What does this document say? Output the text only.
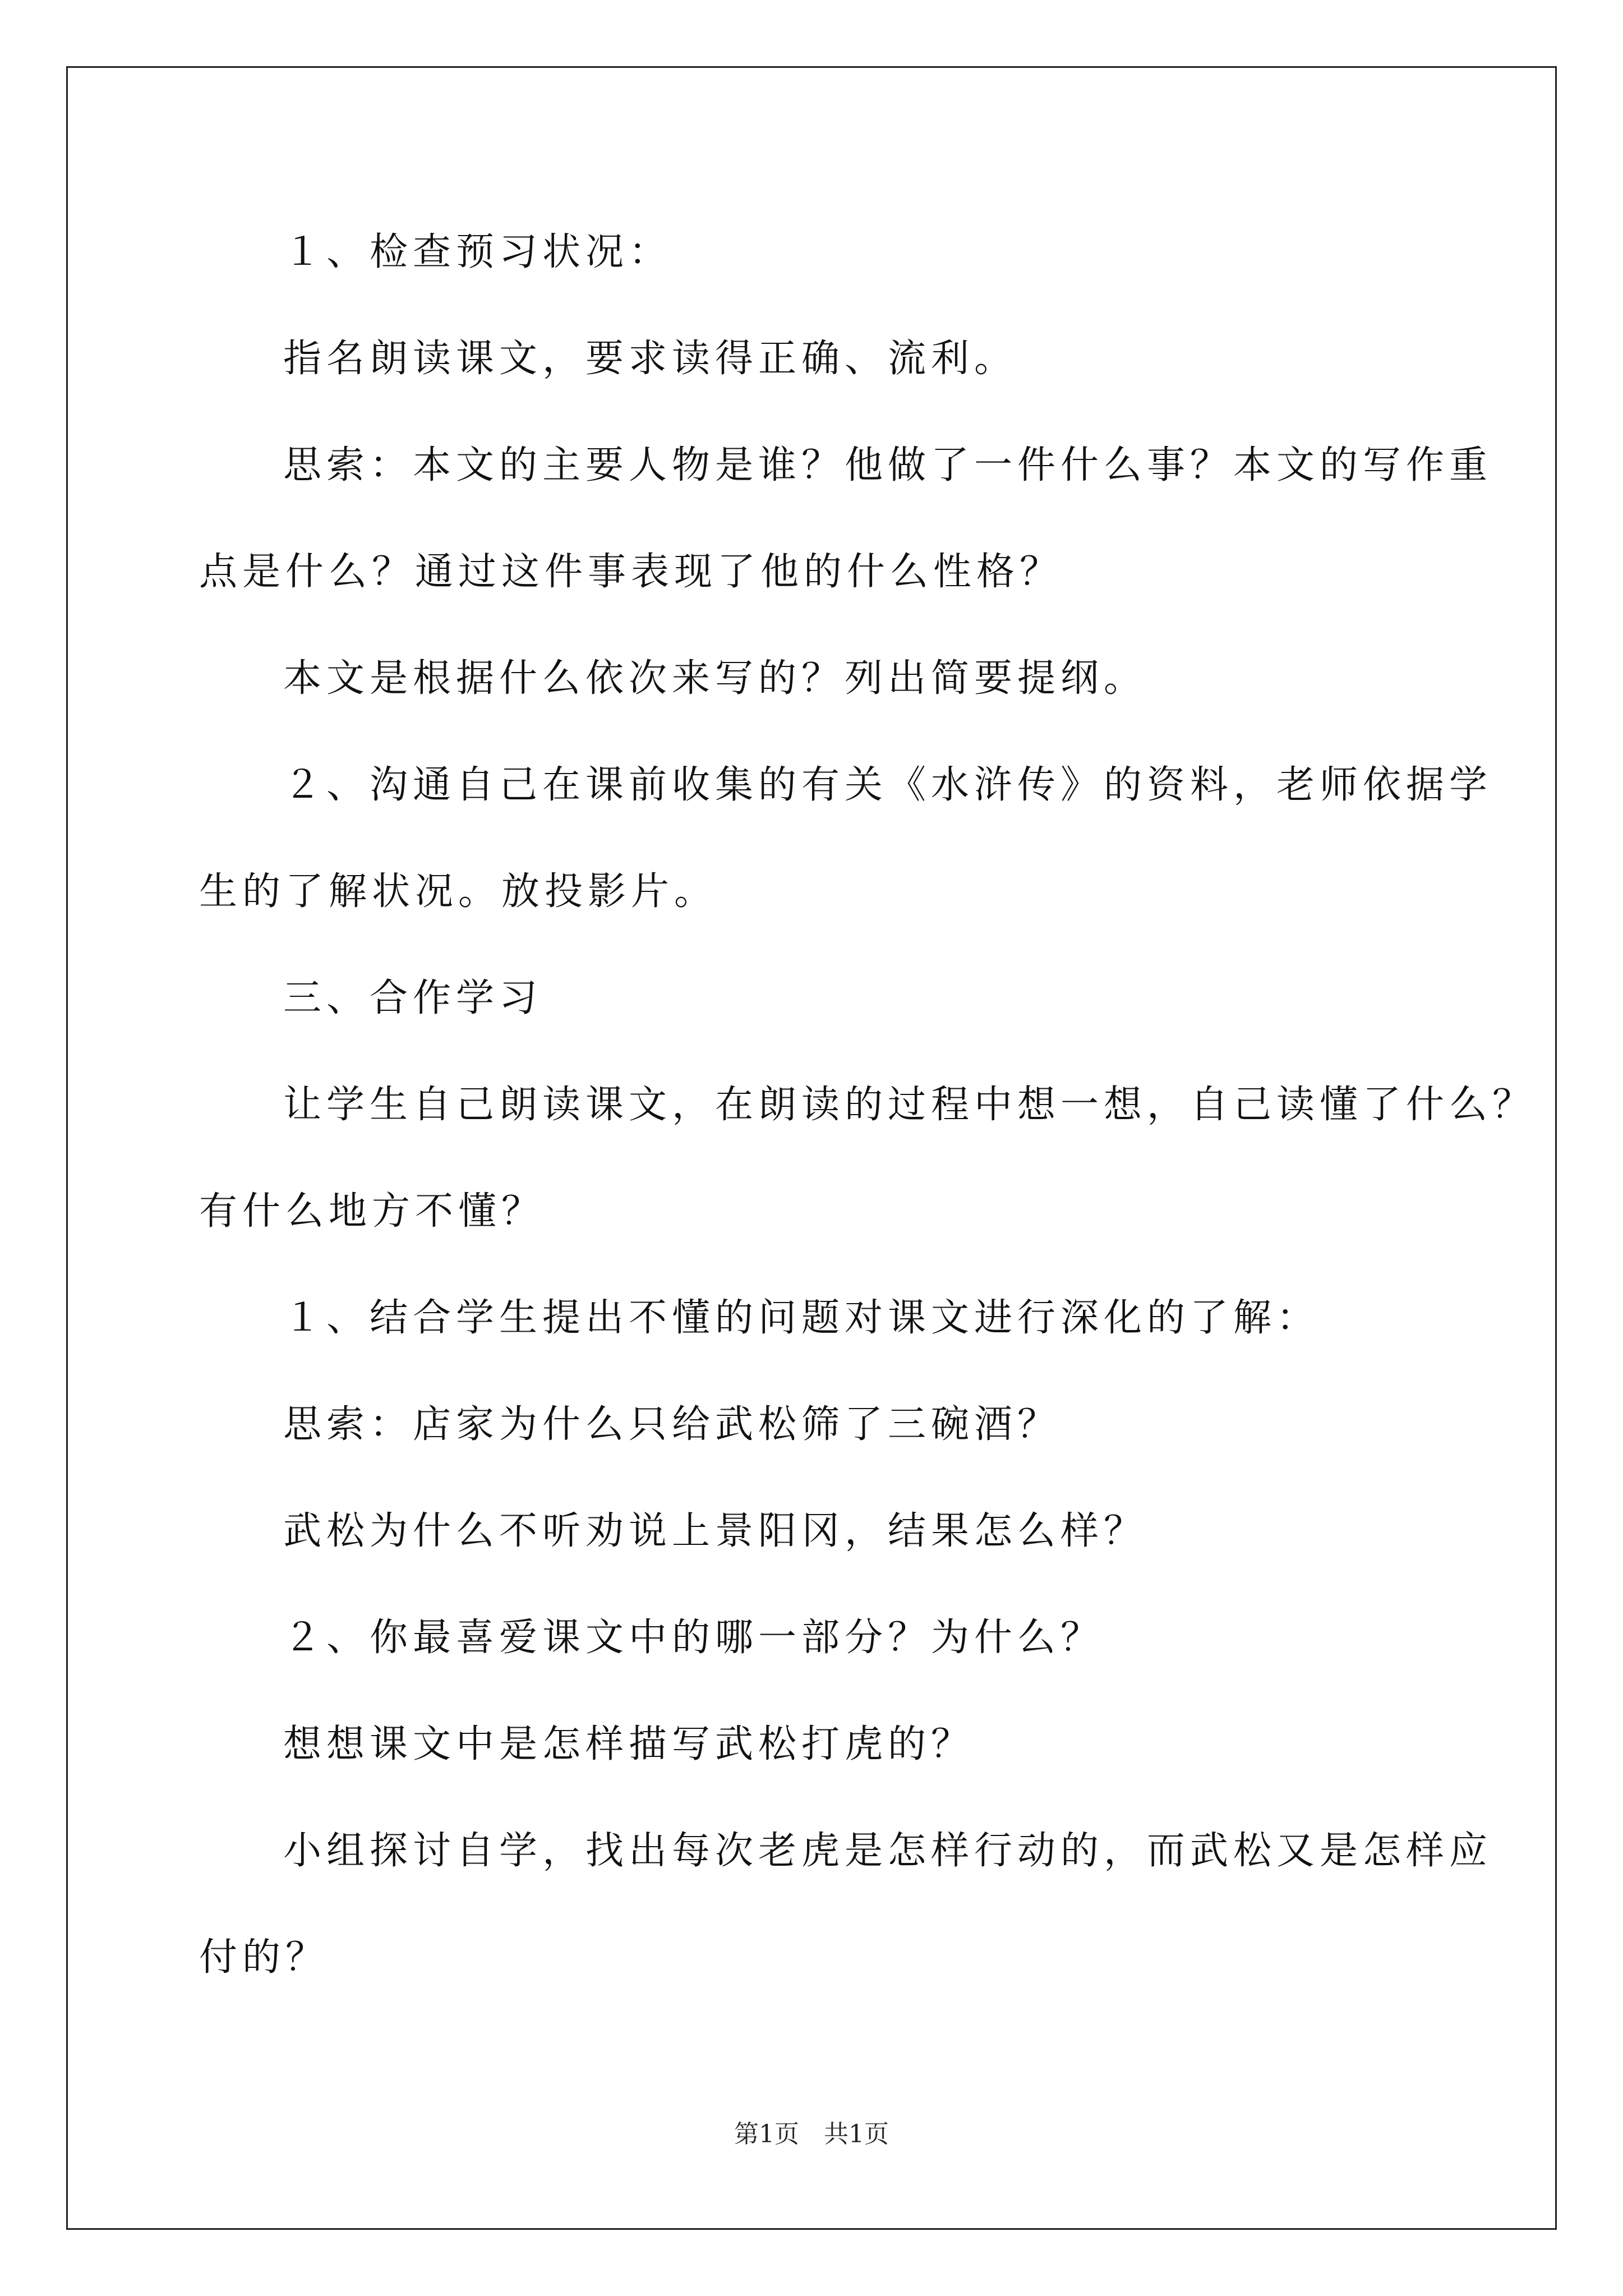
１、检查预习状况：
指名朗读课文，要求读得正确、流利。
思索：本文的主要人物是谁？他做了一件什么事？本文的写作重
点是什么？通过这件事表现了他的什么性格？
本文是根据什么依次来写的？列出简要提纲。
２、沟通自己在课前收集的有关《水浒传》的资料，老师依据学
生的了解状况。放投影片。
三、合作学习
让学生自己朗读课文，在朗读的过程中想一想，自己读懂了什么？
有什么地方不懂？
１、结合学生提出不懂的问题对课文进行深化的了解：
思索：店家为什么只给武松筛了三碗酒？
武松为什么不听劝说上景阳冈，结果怎么样？
２、你最喜爱课文中的哪一部分？为什么？
想想课文中是怎样描写武松打虎的？
小组探讨自学，找出每次老虎是怎样行动的，而武松又是怎样应
付的？
第1页　共1页
